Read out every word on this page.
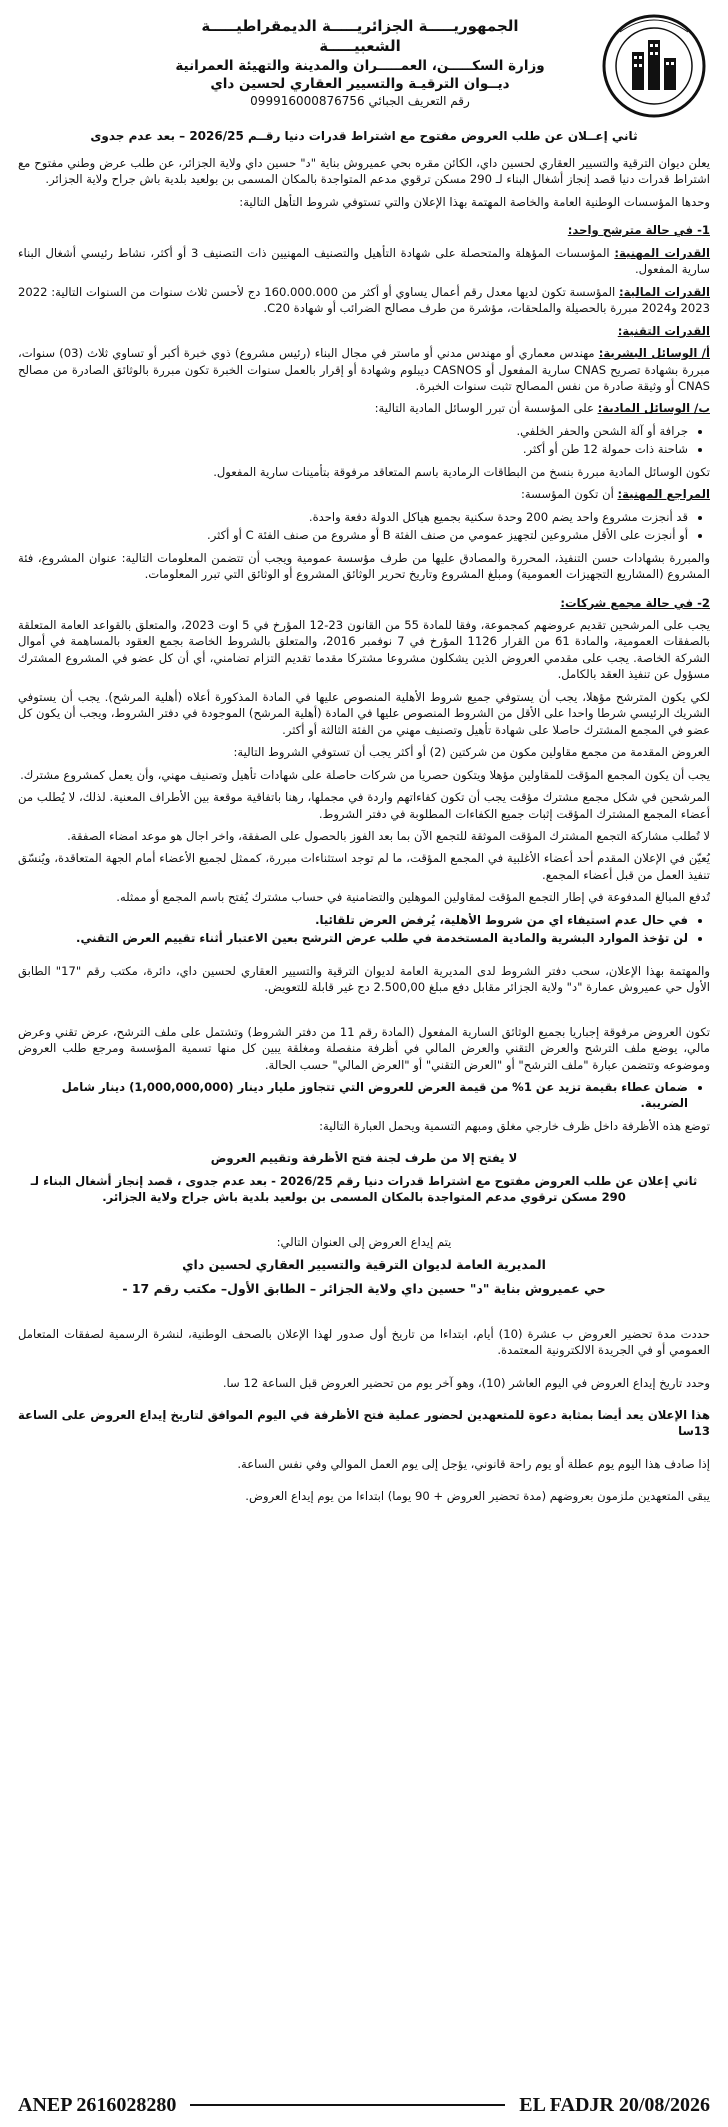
الجمهوريـــــة الجزائريـــــة الديمقراطيـــــة الشعبيـــــة
وزارة السكـــــن، العمـــــران والمدينة والتهيئة العمرانية
ديــوان الترقيـة والتسيير العقاري لحسين داي
رقم التعريف الجبائي 099916000876756
ثاني إعــلان عن طلب العروض مفتوح مع اشتراط قدرات دنيا رقــم 2026/25 – بعد عدم جدوى

يعلن ديوان الترقية والتسيير العقاري لحسين داي، الكائن مقره بحي عميروش بناية "د" حسين داي ولاية الجزائر، عن طلب عرض وطني مفتوح مع اشتراط قدرات دنيا قصد إنجاز أشغال البناء لـ 290 مسكن ترقوي مدعم المتواجدة بالمكان المسمى بن بولعيد بلدية باش جراح ولاية الجزائر.

وحدها المؤسسات الوطنية العامة والخاصة المهتمة بهذا الإعلان والتي تستوفي شروط التأهل التالية:

1- في حالة مترشح واحد:

القدرات المهنية: المؤسسات المؤهلة والمتحصلة على شهادة التأهيل والتصنيف المهنيين ذات التصنيف 3 أو أكثر، نشاط رئيسي أشغال البناء سارية المفعول.

القدرات المالية: المؤسسة تكون لديها معدل رقم أعمال يساوي أو أكثر من 160.000.000 دج لأحسن ثلاث سنوات من السنوات التالية: 2022 2023 و2024 مبررة بالحصيلة والملحقات، مؤشرة من طرف مصالح الضرائب أو شهادة C20.

القدرات التقنية:

أ/ الوسائل البشرية: مهندس معماري أو مهندس مدني أو ماستر في مجال البناء (رئيس مشروع) ذوي خبرة أكبر أو تساوي ثلاث (03) سنوات، مبررة بشهادة تصريح CNAS سارية المفعول أو CASNOS ديبلوم وشهادة أو إقرار بالعمل سنوات الخبرة تكون مبررة بالوثائق الصادرة من مصالح CNAS أو وثيقة صادرة من نفس المصالح تثبت سنوات الخبرة.

ب/ الوسائل المادية: على المؤسسة أن تبرر الوسائل المادية التالية:

• جرافة أو آلة الشحن والحفر الخلفي.
• شاحنة ذات حمولة 12 طن أو أكثر.

تكون الوسائل المادية مبررة بنسخ من البطاقات الرمادية باسم المتعاقد مرفوقة بتأمينات سارية المفعول.

المراجع المهنية: أن تكون المؤسسة:

• قد أنجزت مشروع واحد يضم 200 وحدة سكنية بجميع هياكل الدولة دفعة واحدة.
• أو أنجزت على الأقل مشروعين لتجهيز عمومي من صنف الفئة B أو مشروع من صنف الفئة C أو أكثر.

والمبررة بشهادات حسن التنفيذ، المحررة والمصادق عليها من طرف مؤسسة عمومية ويجب أن تتضمن المعلومات التالية: عنوان المشروع، فئة المشروع (المشاريع التجهيزات العمومية) ومبلغ المشروع وتاريخ تحرير الوثائق المشروع أو الوثائق التي تبرر المعلومات.

2- في حالة مجمع شركات:

يجب على المرشحين تقديم عروضهم كمجموعة، وفقا للمادة 55 من القانون 23-12 المؤرخ في 5 اوت 2023، والمتعلق بالقواعد العامة المتعلقة بالصفقات العمومية، والمادة 61 من القرار 1126 المؤرخ في 7 نوفمبر 2016، والمتعلق بالشروط الخاصة بجمع العقود بالمساهمة في أموال الشركة الخاصة. يجب على مقدمي العروض الذين يشكلون مشروعا مشتركا مقدما تقديم التزام تضامني، أي أن كل عضو في المشروع المشترك مسؤول عن تنفيذ العقد بالكامل.

لكي يكون المترشح مؤهلا، يجب أن يستوفي جميع شروط الأهلية المنصوص عليها في المادة المذكورة أعلاه (أهلية المرشح). يجب أن يستوفي الشريك الرئيسي شرطا واحدا على الأقل من الشروط المنصوص عليها في المادة (أهلية المرشح) الموجودة في دفتر الشروط، ويجب أن يكون كل عضو في المجمع المشترك حاصلا على شهادة تأهيل وتصنيف مهني من الفئة الثالثة أو أكثر.

العروض المقدمة من مجمع مقاولين مكون من شركتين (2) أو أكثر يجب أن تستوفي الشروط التالية:

يجب أن يكون المجمع المؤقت للمقاولين مؤهلا ويتكون حصريا من شركات حاصلة على شهادات تأهيل وتصنيف مهني، وأن يعمل كمشروع مشترك.

المرشحين في شكل مجمع مشترك مؤقت يجب أن تكون كفاءاتهم واردة في مجملها، رهنا باتفاقية موقعة بين الأطراف المعنية. لذلك، لا يُطلب من أعضاء المجمع المشترك المؤقت إثبات جميع الكفاءات المطلوبة في دفتر الشروط.

لا تُطلب مشاركة التجمع المشترك المؤقت الموثقة للتجمع الآن بما بعد الفوز بالحصول على الصفقة، واخر اجال هو موعد امضاء الصفقة.

يُعيّن في الإعلان المقدم أحد أعضاء الأغلبية في المجمع المؤقت، ما لم توجد استثناءات مبررة، كممثل لجميع الأعضاء أمام الجهة المتعاقدة، ويُنسّق تنفيذ العمل من قبل أعضاء المجمع.

تُدفع المبالغ المدفوعة في إطار التجمع المؤقت لمقاولين الموهلين والتضامنية في حساب مشترك يُفتح باسم المجمع أو ممثله.

• في حال عدم استيفاء اي من شروط الأهلية، يُرفض العرض تلقائيا.
• لن تؤخذ الموارد البشرية والمادية المستخدمة في طلب عرض الترشح بعين الاعتبار أثناء تقييم العرض التقني.

والمهتمة بهذا الإعلان، سحب دفتر الشروط لدى المديرية العامة لديوان الترقية والتسيير العقاري لحسين داي، دائرة، مكتب رقم "17" الطابق الأول حي عميروش عمارة "د" ولاية الجزائر مقابل دفع مبلغ 2.500,00 دج غير قابلة للتعويض.

تكون العروض مرفوقة إجباريا بجميع الوثائق السارية المفعول (المادة رقم 11 من دفتر الشروط) وتشتمل على ملف الترشح، عرض تقني وعرض مالي، يوضع ملف الترشح والعرض التقني والعرض المالي في أظرفة منفصلة ومغلقة يبين كل منها تسمية المؤسسة ومرجع طلب العروض وموضوعه وتتضمن عبارة "ملف الترشح" أو "العرض التقني" أو "العرض المالي" حسب الحالة.

• ضمان عطاء بقيمة تزيد عن 1% من قيمة العرض للعروض التي تتجاوز مليار دينار (1,000,000,000) دينار شامل الضريبة.

توضع هذه الأظرفة داخل ظرف خارجي مغلق ومبهم التسمية ويحمل العبارة التالية:

لا يفتح إلا من طرف لجنة فتح الأظرفة وتقييم العروض

ثاني إعلان عن طلب العروض مفتوح مع اشتراط قدرات دنيا رقم 2026/25 - بعد عدم جدوى ، قصد إنجاز أشغال البناء لـ 290 مسكن ترقوي مدعم المتواجدة بالمكان المسمى بن بولعيد بلدية باش جراح ولاية الجزائر.

يتم إيداع العروض إلى العنوان التالي:

المديرية العامة لديوان الترقية والتسيير العقاري لحسين داي
حي عميروش بناية "د" حسين داي ولاية الجزائر – الطابق الأول– مكتب رقم 17 -

حددت مدة تحضير العروض ب عشرة (10) أيام، ابتداءا من تاريخ أول صدور لهذا الإعلان بالصحف الوطنية، لنشرة الرسمية لصفقات المتعامل العمومي أو في الجريدة الالكترونية المعتمدة.

وحدد تاريخ إيداع العروض في اليوم العاشر (10)، وهو آخر يوم من تحضير العروض قبل الساعة 12 سا.

هذا الإعلان يعد أيضا بمثابة دعوة للمتعهدين لحضور عملية فتح الأظرفة في اليوم الموافق لتاريخ إيداع العروض على الساعة 13سا

إذا صادف هذا اليوم يوم عطلة أو يوم راحة قانوني، يؤجل إلى يوم العمل الموالي وفي نفس الساعة.

يبقى المتعهدين ملزمون بعروضهم (مدة تحضير العروض + 90 يوما) ابتداءا من يوم إيداع العروض.

ANEP 2616028280	EL FADJR 20/08/2026
